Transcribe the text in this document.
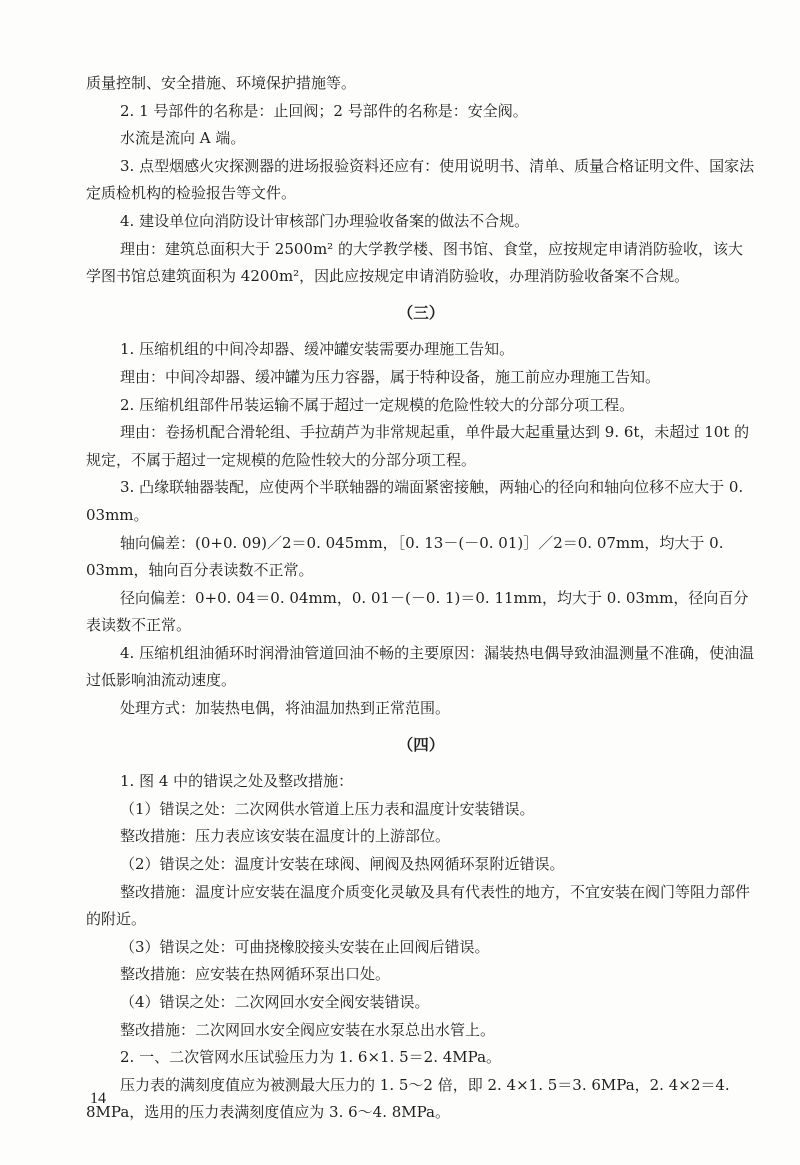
质量控制、安全措施、环境保护措施等。

2. 1 号部件的名称是：止回阀；2 号部件的名称是：安全阀。

水流是流向 A 端。

3. 点型烟感火灾探测器的进场报验资料还应有：使用说明书、清单、质量合格证明文件、国家法定质检机构的检验报告等文件。

4. 建设单位向消防设计审核部门办理验收备案的做法不合规。

理由：建筑总面积大于 2500m² 的大学教学楼、图书馆、食堂，应按规定申请消防验收，该大学图书馆总建筑面积为 4200m²，因此应按规定申请消防验收，办理消防验收备案不合规。

（三）

1. 压缩机组的中间冷却器、缓冲罐安装需要办理施工告知。

理由：中间冷却器、缓冲罐为压力容器，属于特种设备，施工前应办理施工告知。

2. 压缩机组部件吊装运输不属于超过一定规模的危险性较大的分部分项工程。

理由：卷扬机配合滑轮组、手拉葫芦为非常规起重，单件最大起重量达到 9. 6t，未超过 10t 的规定，不属于超过一定规模的危险性较大的分部分项工程。

3. 凸缘联轴器装配，应使两个半联轴器的端面紧密接触，两轴心的径向和轴向位移不应大于 0. 03mm。

轴向偏差：(0+0. 09)／2＝0. 045mm，［0. 13－(－0. 01)］／2＝0. 07mm，均大于 0. 03mm，轴向百分表读数不正常。

径向偏差：0+0. 04＝0. 04mm，0. 01－(－0. 1)＝0. 11mm，均大于 0. 03mm，径向百分表读数不正常。

4. 压缩机组油循环时润滑油管道回油不畅的主要原因：漏装热电偶导致油温测量不准确，使油温过低影响油流动速度。

处理方式：加装热电偶，将油温加热到正常范围。

（四）

1. 图 4 中的错误之处及整改措施：

（1）错误之处：二次网供水管道上压力表和温度计安装错误。

整改措施：压力表应该安装在温度计的上游部位。

（2）错误之处：温度计安装在球阀、闸阀及热网循环泵附近错误。

整改措施：温度计应安装在温度介质变化灵敏及具有代表性的地方，不宜安装在阀门等阻力部件的附近。

（3）错误之处：可曲挠橡胶接头安装在止回阀后错误。

整改措施：应安装在热网循环泵出口处。

（4）错误之处：二次网回水安全阀安装错误。

整改措施：二次网回水安全阀应安装在水泵总出水管上。

2. 一、二次管网水压试验压力为 1. 6×1. 5＝2. 4MPa。

压力表的满刻度值应为被测最大压力的 1. 5～2 倍，即 2. 4×1. 5＝3. 6MPa，2. 4×2＝4. 8MPa，选用的压力表满刻度值应为 3. 6～4. 8MPa。

14
